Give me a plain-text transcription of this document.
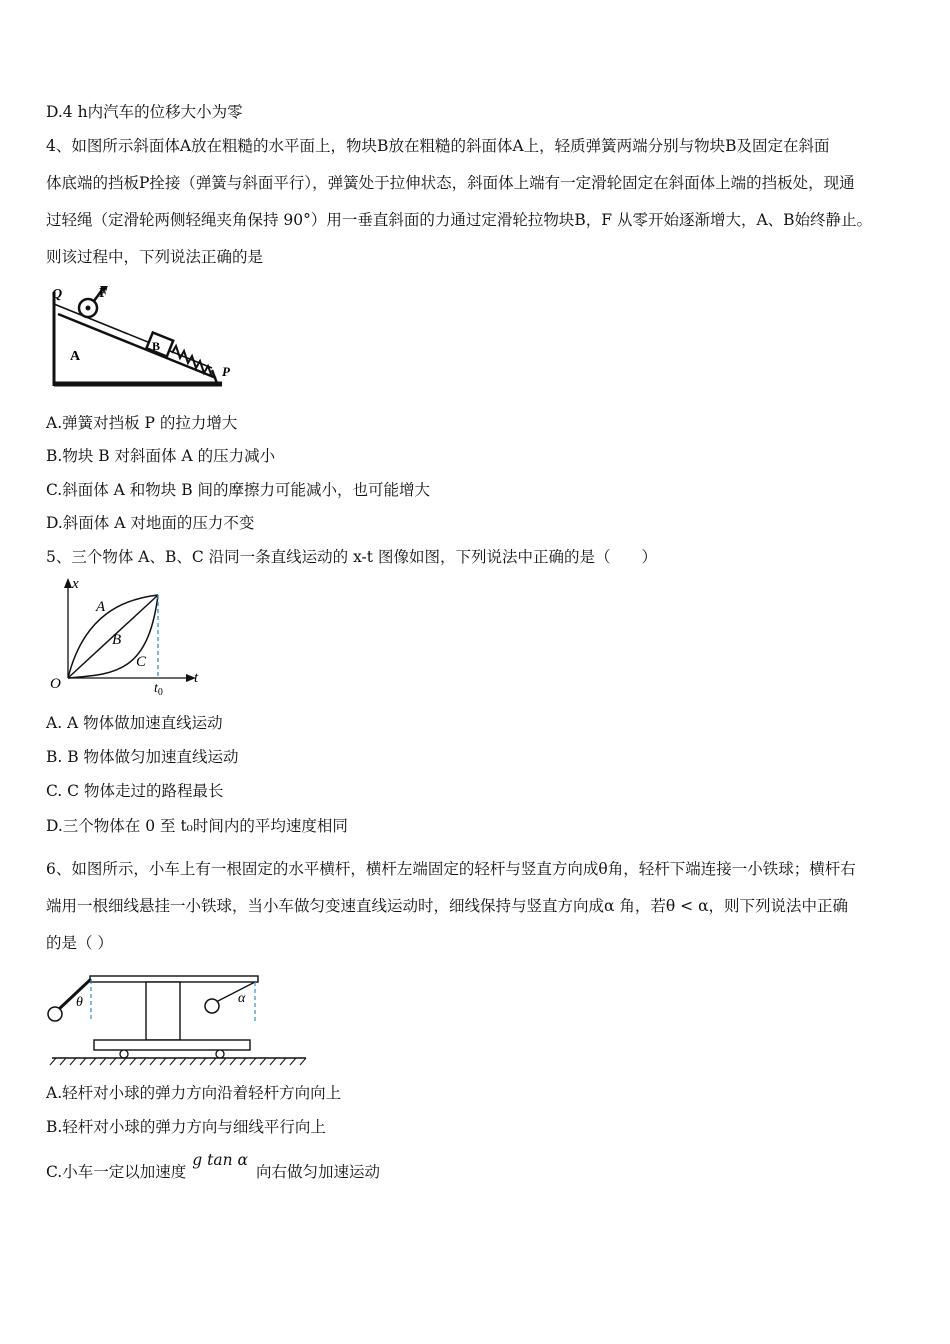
D.4 h内汽车的位移大小为零
4、如图所示斜面体A放在粗糙的水平面上，物块B放在粗糙的斜面体A上，轻质弹簧两端分别与物块B及固定在斜面
体底端的挡板P拴接（弹簧与斜面平行），弹簧处于拉伸状态，斜面体上端有一定滑轮固定在斜面体上端的挡板处，现通
过轻绳（定滑轮两侧轻绳夹角保持 90°）用一垂直斜面的力通过定滑轮拉物块B，F 从零开始逐渐增大，A、B始终静止。
则该过程中，下列说法正确的是
Q	F
A
B
P
A.弹簧对挡板 P 的拉力增大
B.物块 B 对斜面体 A 的压力减小
C.斜面体 A 和物块 B 间的摩擦力可能减小，也可能增大
D.斜面体 A 对地面的压力不变
5、三个物体 A、B、C 沿同一条直线运动的 x-t 图像如图，下列说法中正确的是（　　）
x
t
O	$t_0$
A
B
C
A. A 物体做加速直线运动
B. B 物体做匀加速直线运动
C. C 物体走过的路程最长
D.三个物体在 0 至 t₀时间内的平均速度相同
6、如图所示，小车上有一根固定的水平横杆，横杆左端固定的轻杆与竖直方向成θ角，轻杆下端连接一小铁球；横杆右
端用一根细线悬挂一小铁球，当小车做匀变速直线运动时，细线保持与竖直方向成α 角，若θ < α，则下列说法中正确
的是（ ）
θ	α
A.轻杆对小球的弹力方向沿着轻杆方向向上
B.轻杆对小球的弹力方向与细线平行向上
C.小车一定以加速度g tan α向右做匀加速运动
